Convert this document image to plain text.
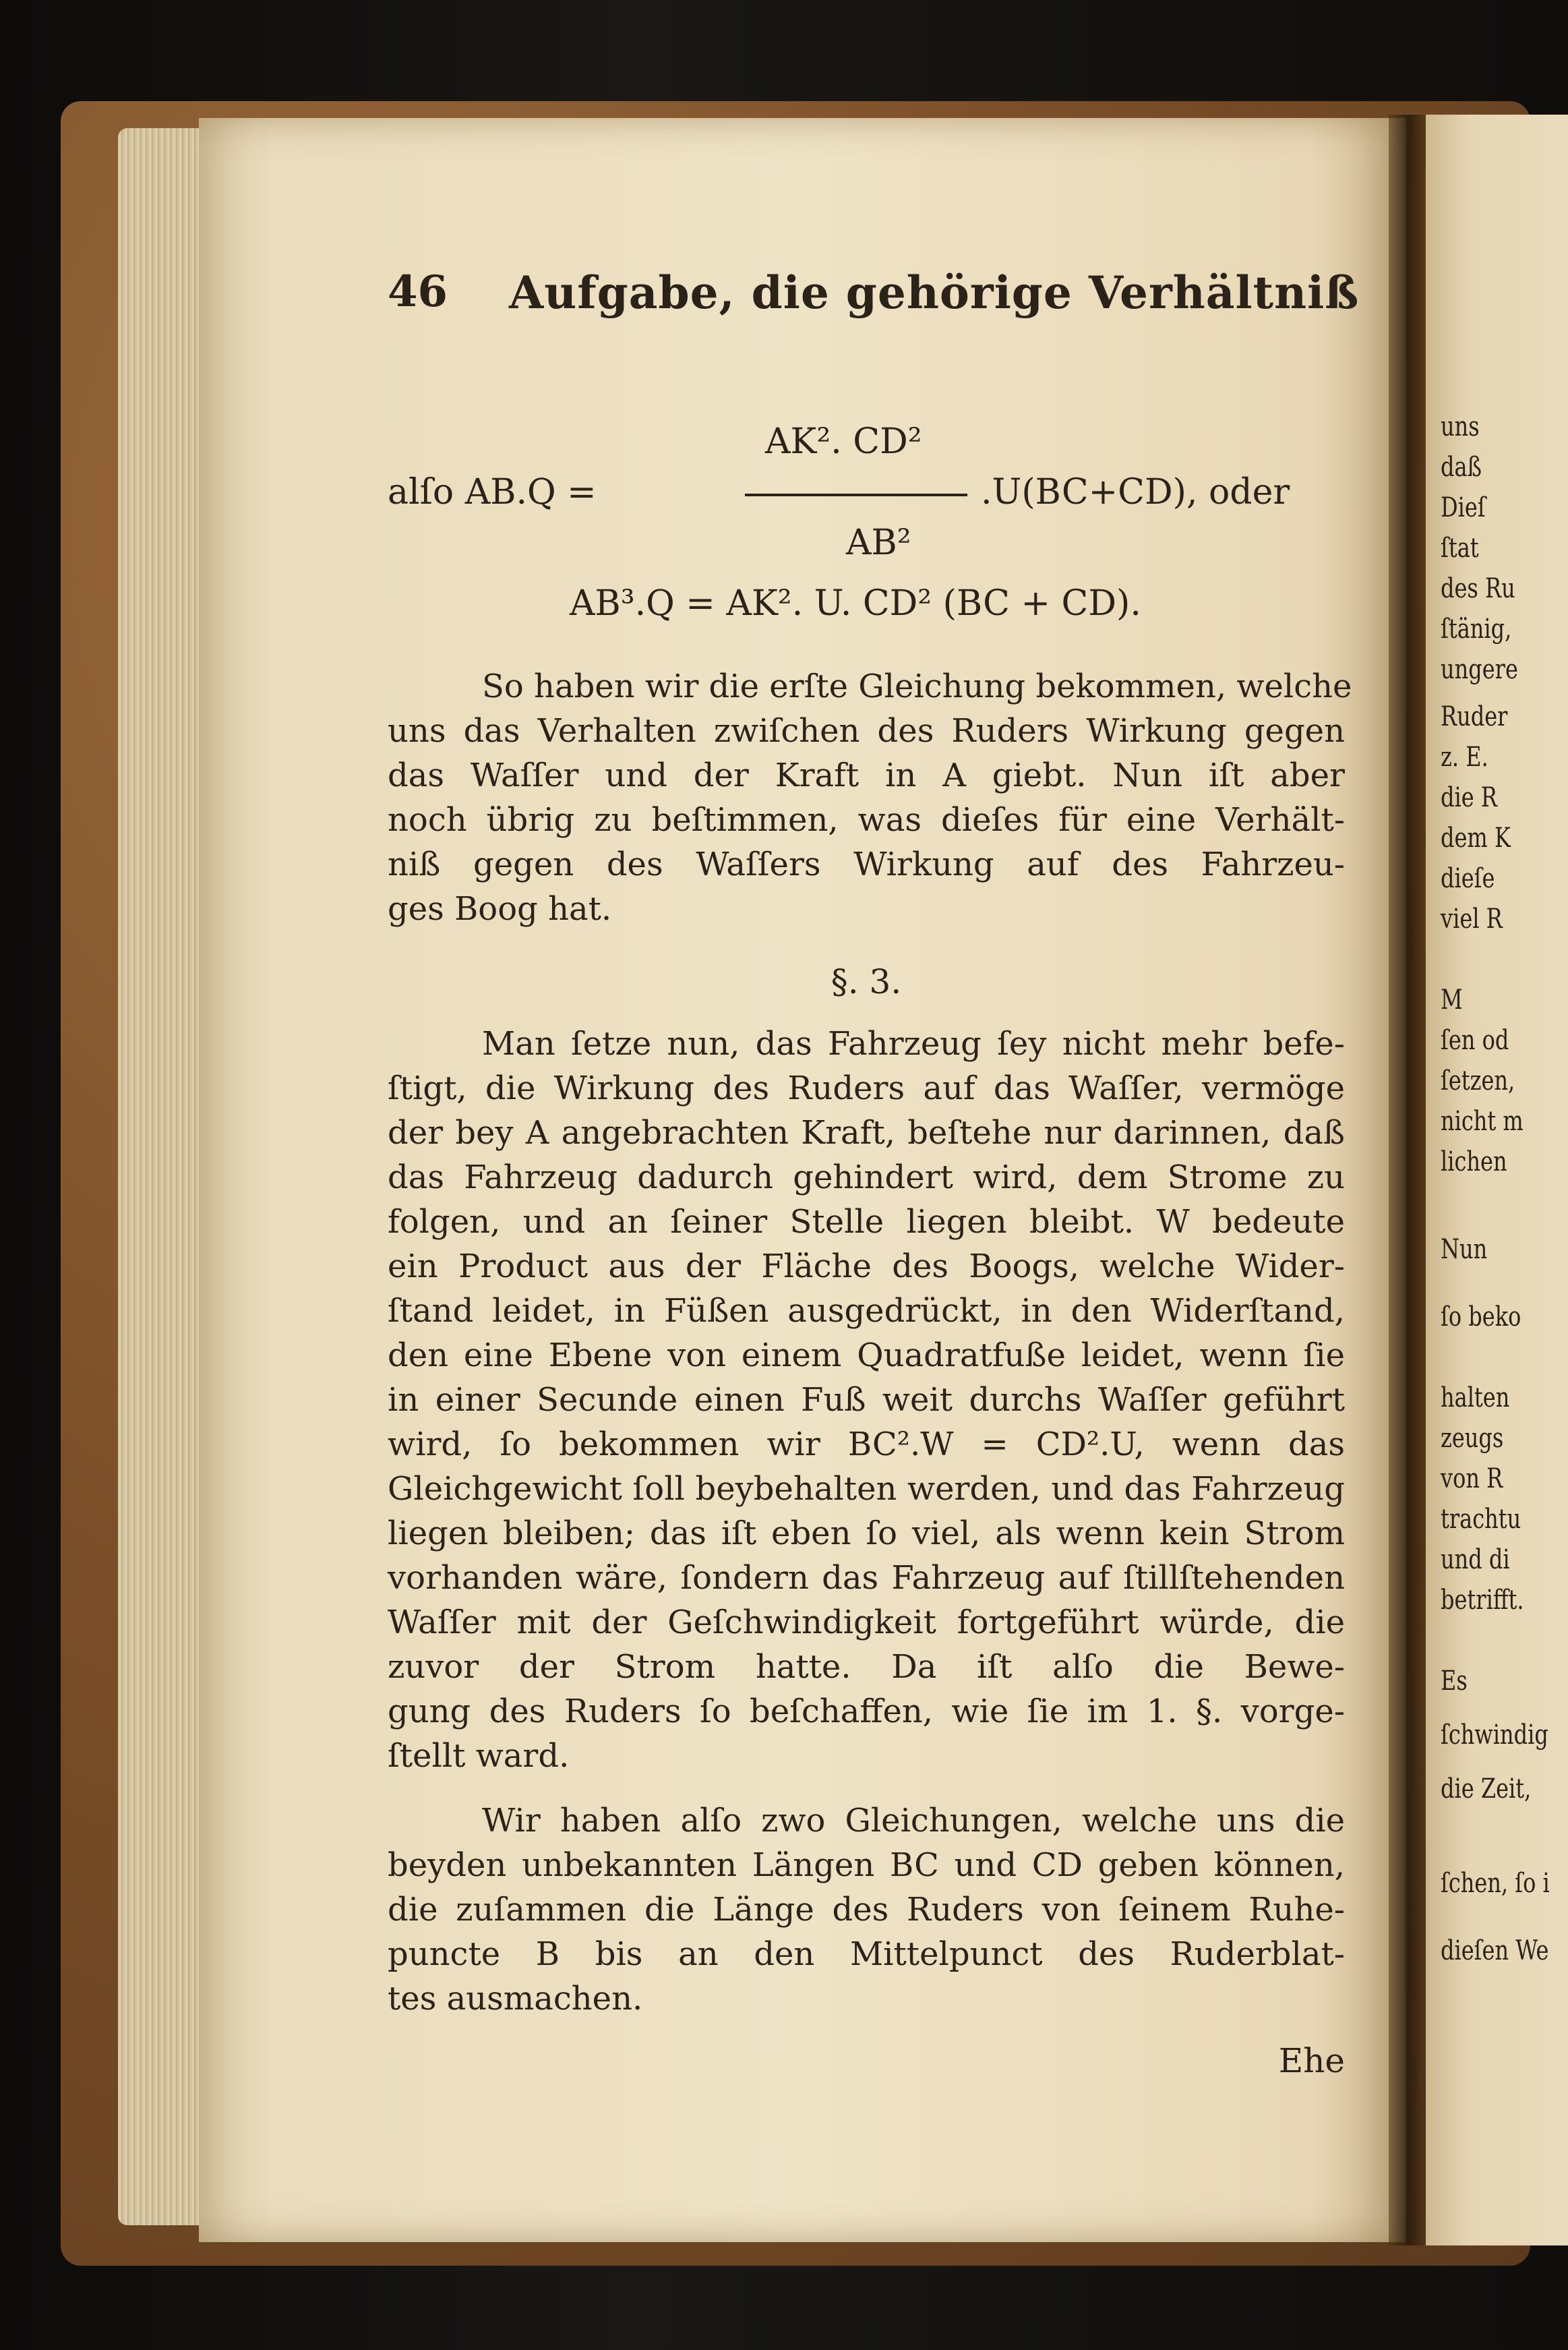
46 Aufgabe, die gehörige Verhältniß
AK². CD²
alſo AB.Q =	.U(BC+CD), oder
AB²
AB³.Q = AK². U. CD² (BC + CD).

So haben wir die erſte Gleichung bekommen, welche
uns das Verhalten zwiſchen des Ruders Wirkung gegen
das Waſſer und der Kraft in A giebt. Nun iſt aber
noch übrig zu beſtimmen, was dieſes für eine Verhält-
niß gegen des Waſſers Wirkung auf des Fahrzeu-
ges Boog hat.

§. 3.

Man ſetze nun, das Fahrzeug ſey nicht mehr befe-
ſtigt, die Wirkung des Ruders auf das Waſſer, vermöge
der bey A angebrachten Kraft, beſtehe nur darinnen, daß
das Fahrzeug dadurch gehindert wird, dem Strome zu
folgen, und an ſeiner Stelle liegen bleibt. W bedeute
ein Product aus der Fläche des Boogs, welche Wider-
ſtand leidet, in Füßen ausgedrückt, in den Widerſtand,
den eine Ebene von einem Quadratfuße leidet, wenn ſie
in einer Secunde einen Fuß weit durchs Waſſer geführt
wird, ſo bekommen wir BC².W = CD².U, wenn das
Gleichgewicht ſoll beybehalten werden, und das Fahrzeug
liegen bleiben; das iſt eben ſo viel, als wenn kein Strom
vorhanden wäre, ſondern das Fahrzeug auf ſtillſtehenden
Waſſer mit der Geſchwindigkeit fortgeführt würde, die
zuvor der Strom hatte. Da iſt alſo die Bewe-
gung des Ruders ſo beſchaffen, wie ſie im 1. §. vorge-
ſtellt ward.

Wir haben alſo zwo Gleichungen, welche uns die
beyden unbekannten Längen BC und CD geben können,
die zuſammen die Länge des Ruders von ſeinem Ruhe-
puncte B bis an den Mittelpunct des Ruderblat-
tes ausmachen.

Ehe
uns
daß
Dieſ
ſtat
des Ru
ſtänig,
ungere
Ruder
z. E.
die R
dem K
dieſe
viel R
M
ſen od
ſetzen,
nicht m
lichen
Nun
ſo beko
halten
zeugs
von R
trachtu
und di
betrifft.
Es
ſchwindig
die Zeit,
ſchen, ſo i
dieſen We
